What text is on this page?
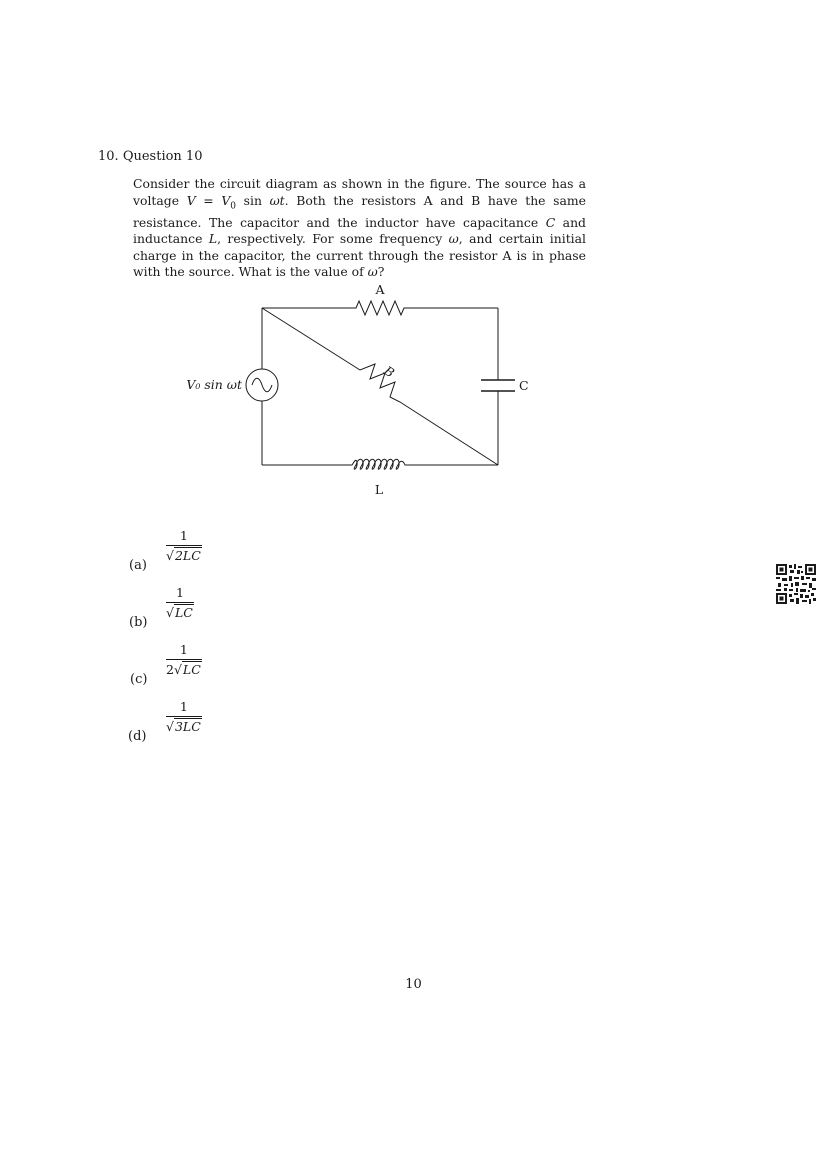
10. Question 10

Consider the circuit diagram as shown in the figure. The source has a voltage $V = V_0$ sin ωt. Both the resistors A and B have the same resistance. The capacitor and the inductor have capacitance C and inductance L, respectively. For some frequency ω, and certain initial charge in the capacitor, the current through the resistor A is in phase with the source. What is the value of ω?

A
B
C
L
V₀ sin ωt
(a)
1
√2LC
(b)
1
√LC
(c)
1
2√LC
(d)
1
√3LC
10
